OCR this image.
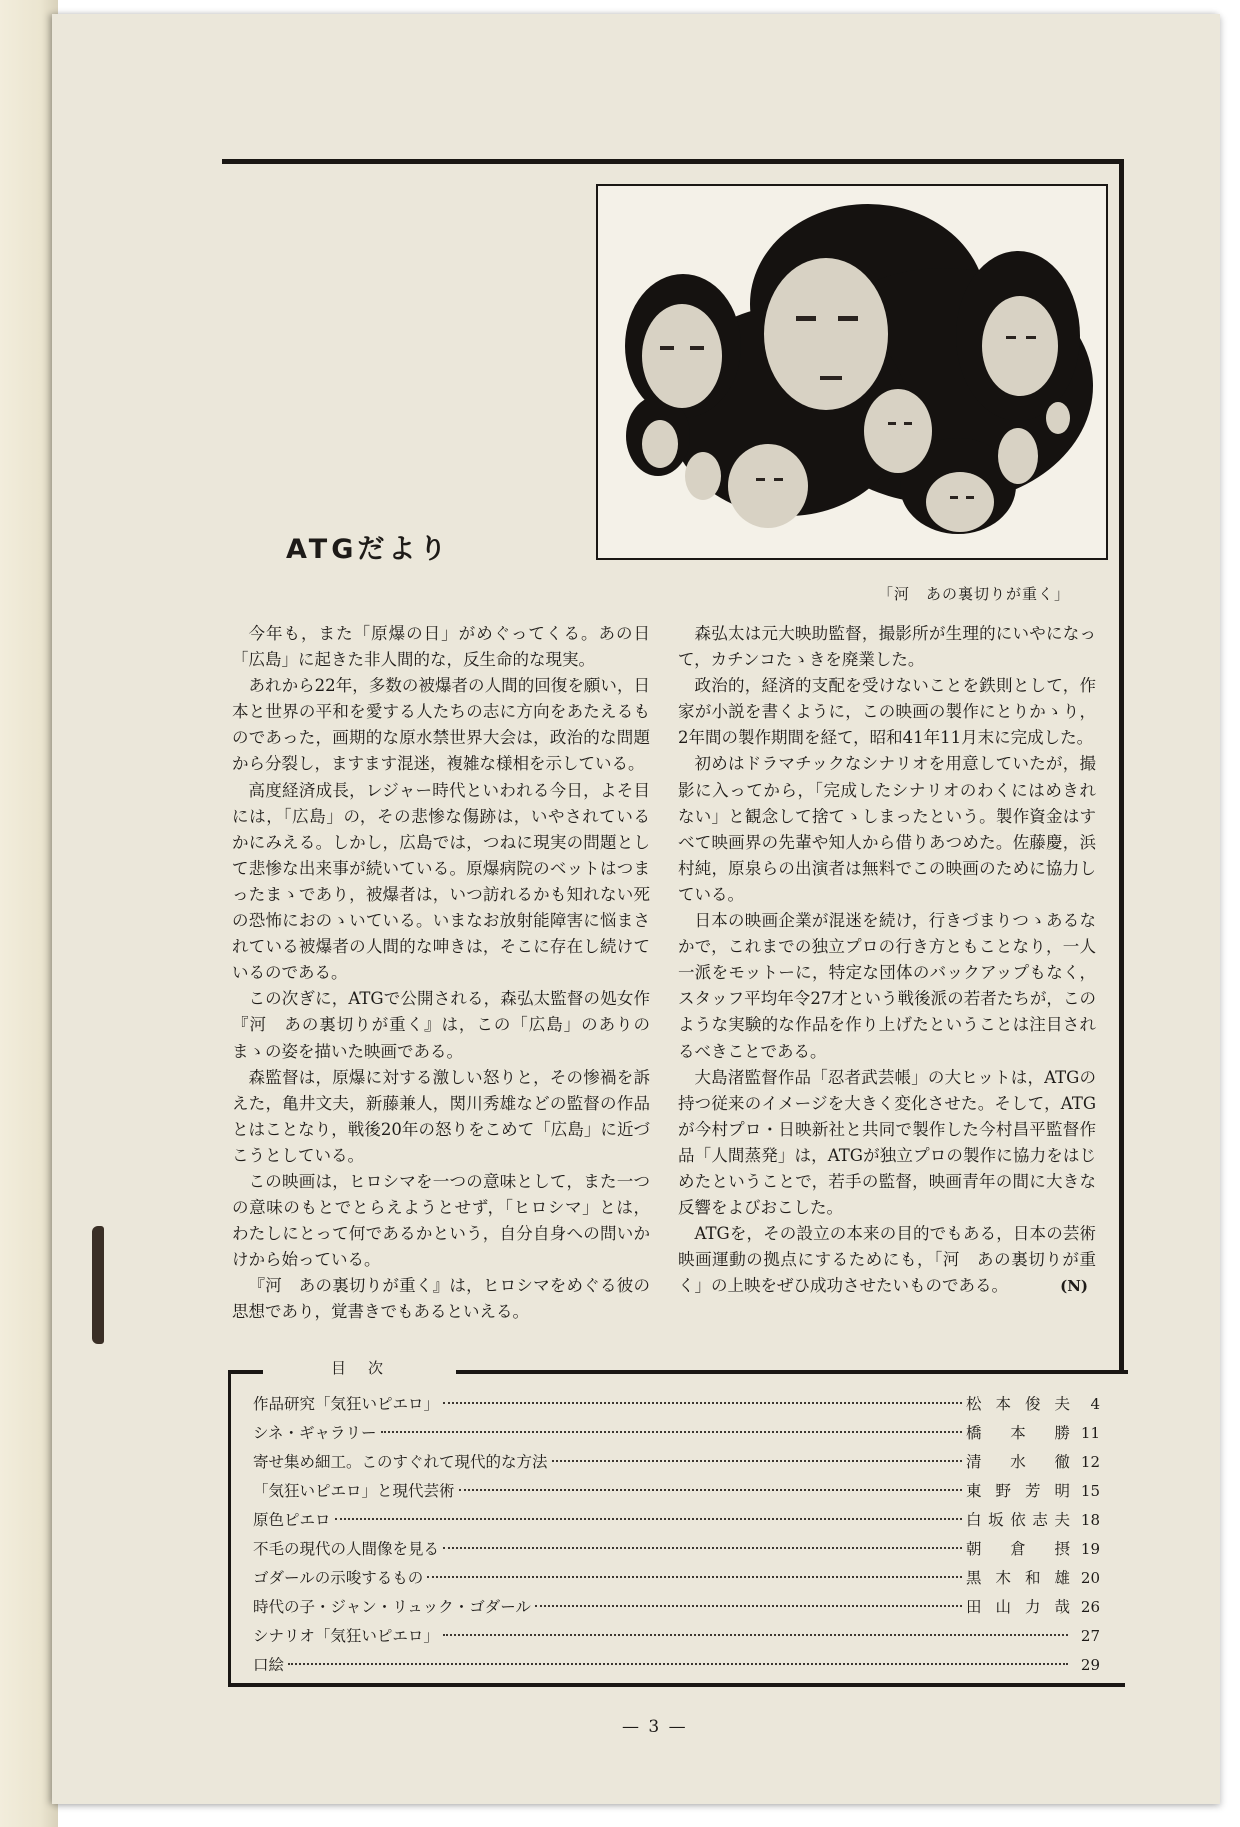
ATGだより
「河　あの裏切りが重く」

今年も，また「原爆の日」がめぐってくる。あの日「広島」に起きた非人間的な，反生命的な現実。

あれから22年，多数の被爆者の人間的回復を願い，日本と世界の平和を愛する人たちの志に方向をあたえるものであった，画期的な原水禁世界大会は，政治的な問題から分裂し，ますます混迷，複雑な様相を示している。

高度経済成長，レジャー時代といわれる今日，よそ目には，「広島」の，その悲惨な傷跡は，いやされているかにみえる。しかし，広島では，つねに現実の問題として悲惨な出来事が続いている。原爆病院のベットはつまったまゝであり，被爆者は，いつ訪れるかも知れない死の恐怖におのゝいている。いまなお放射能障害に悩まされている被爆者の人間的な呻きは，そこに存在し続けているのである。

この次ぎに，ATGで公開される，森弘太監督の処女作『河　あの裏切りが重く』は，この「広島」のありのまゝの姿を描いた映画である。

森監督は，原爆に対する激しい怒りと，その惨禍を訴えた，亀井文夫，新藤兼人，関川秀雄などの監督の作品とはことなり，戦後20年の怒りをこめて「広島」に近づこうとしている。

この映画は，ヒロシマを一つの意味として，また一つの意味のもとでとらえようとせず，「ヒロシマ」とは，わたしにとって何であるかという，自分自身への問いかけから始っている。

『河　あの裏切りが重く』は，ヒロシマをめぐる彼の思想であり，覚書きでもあるといえる。

森弘太は元大映助監督，撮影所が生理的にいやになって，カチンコたゝきを廃業した。

政治的，経済的支配を受けないことを鉄則として，作家が小説を書くように，この映画の製作にとりかゝり，2年間の製作期間を経て，昭和41年11月末に完成した。

初めはドラマチックなシナリオを用意していたが，撮影に入ってから，「完成したシナリオのわくにはめきれない」と観念して捨てゝしまったという。製作資金はすべて映画界の先輩や知人から借りあつめた。佐藤慶，浜村純，原泉らの出演者は無料でこの映画のために協力している。

日本の映画企業が混迷を続け，行きづまりつゝあるなかで，これまでの独立プロの行き方ともことなり，一人一派をモットーに，特定な団体のバックアップもなく，スタッフ平均年令27才という戦後派の若者たちが，このような実験的な作品を作り上げたということは注目されるべきことである。

大島渚監督作品「忍者武芸帳」の大ヒットは，ATGの持つ従来のイメージを大きく変化させた。そして，ATGが今村プロ・日映新社と共同で製作した今村昌平監督作品「人間蒸発」は，ATGが独立プロの製作に協力をはじめたということで，若手の監督，映画青年の間に大きな反響をよびおこした。

ATGを，その設立の本来の目的でもある，日本の芸術映画運動の拠点にするためにも，「河　あの裏切りが重く」の上映をぜひ成功させたいものである。	(N)
目次
作品研究「気狂いピエロ」	松本俊夫	4
シネ・ギャラリー	橋本勝 11
寄せ集め細工。このすぐれて現代的な方法	清水徹 12
「気狂いピエロ」と現代芸術	東野芳明 15
原色ピエロ	白坂依志夫 18
不毛の現代の人間像を見る	朝倉摂 19
ゴダールの示唆するもの	黒木和雄 20
時代の子・ジャン・リュック・ゴダール	田山力哉 26
シナリオ「気狂いピエロ」	27
口絵	29
— 3 —
